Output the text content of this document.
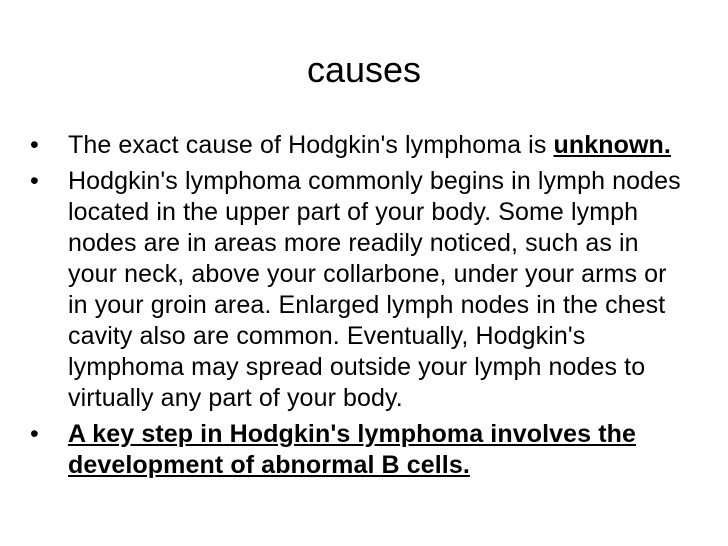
causes
• The exact cause of Hodgkin's lymphoma is unknown.
• Hodgkin's lymphoma commonly begins in lymph nodes located in the upper part of your body. Some lymph nodes are in areas more readily noticed, such as in your neck, above your collarbone, under your arms or in your groin area. Enlarged lymph nodes in the chest cavity also are common. Eventually, Hodgkin's lymphoma may spread outside your lymph nodes to virtually any part of your body.
• A key step in Hodgkin's lymphoma involves the development of abnormal B cells.
